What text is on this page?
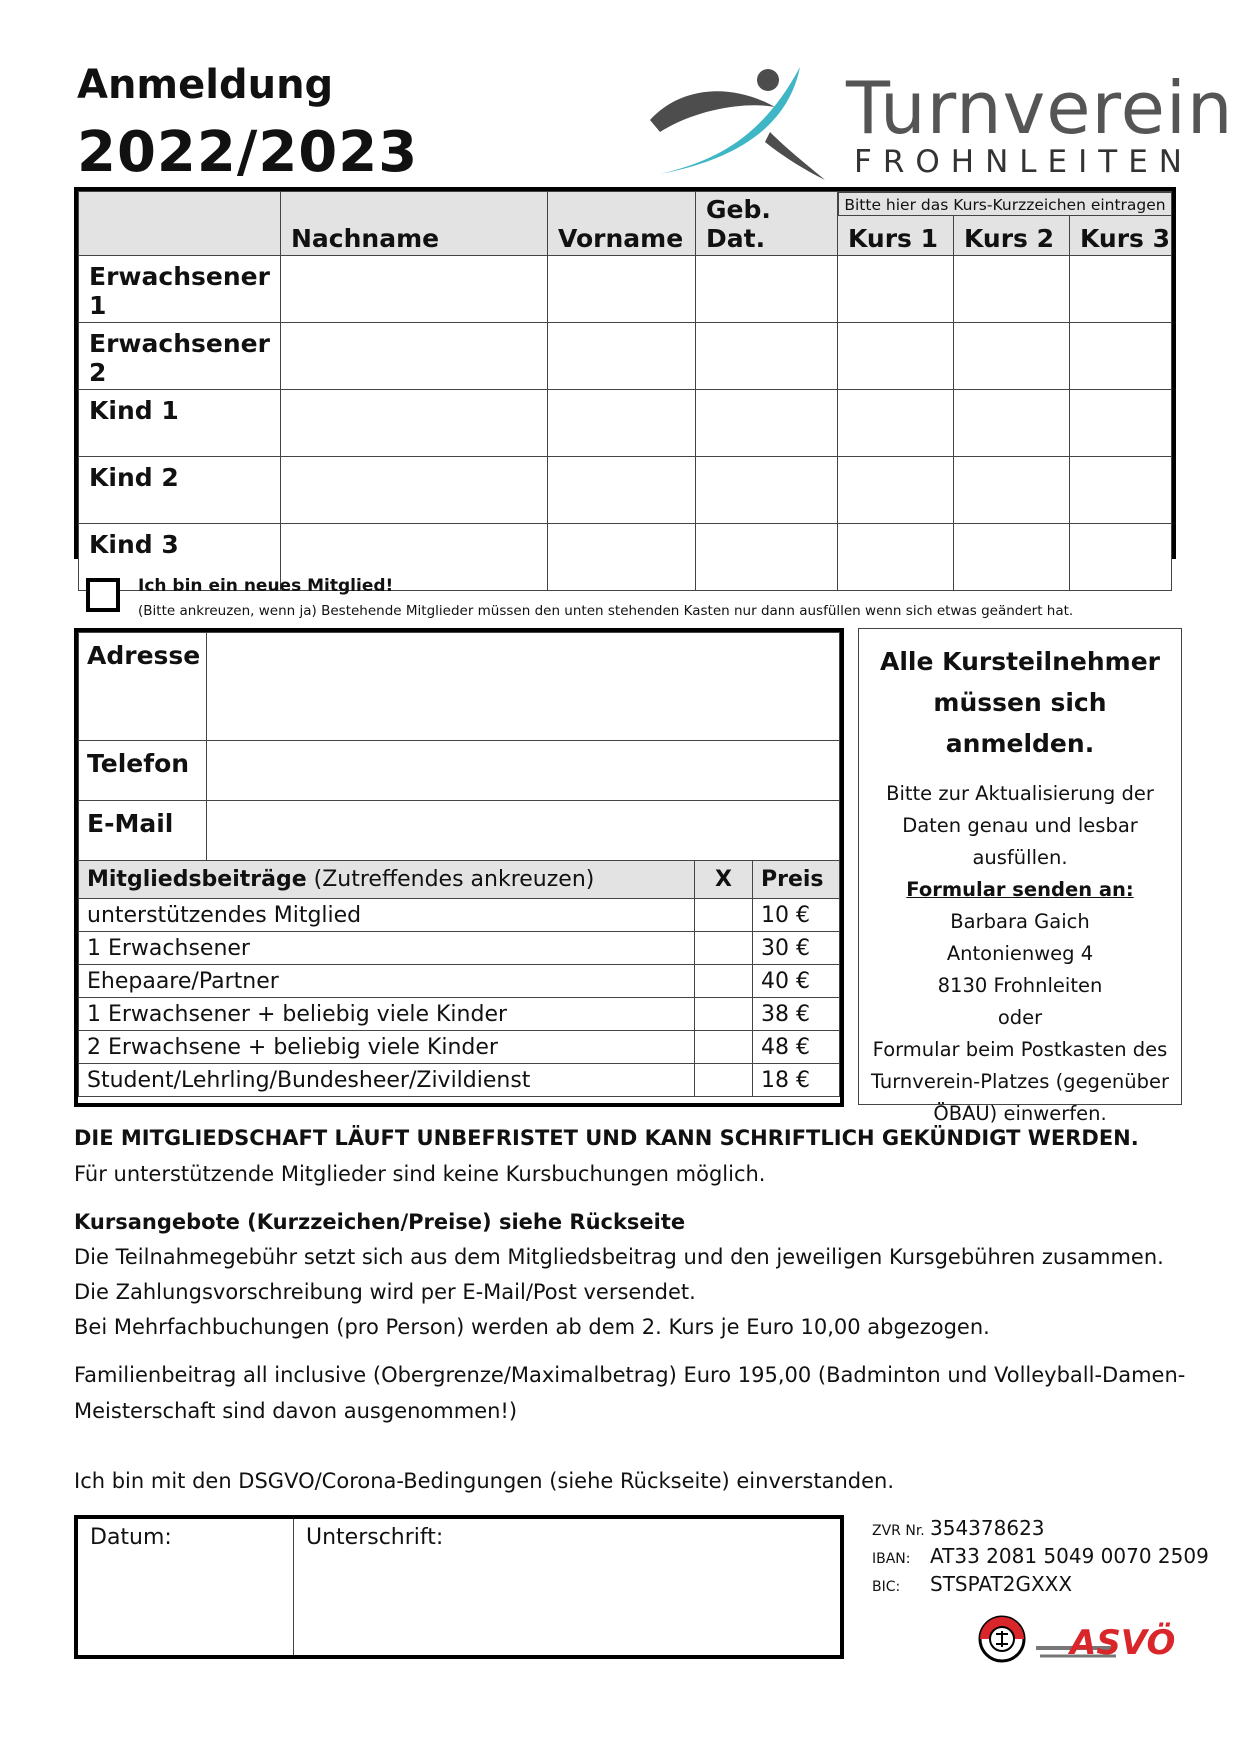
Anmeldung
2022/2023
Turnverein
FROHNLEITEN
	Nachname	Vorname	Geb. Dat.	Kurs 1	Kurs 2	Kurs 3
Erwachsener 1						
Erwachsener 2						
Kind 1						
Kind 2						
Kind 3						
Bitte hier das Kurs-Kurzzeichen eintragen
Ich bin ein neues Mitglied!
(Bitte ankreuzen, wenn ja) Bestehende Mitglieder müssen den unten stehenden Kasten nur dann ausfüllen wenn sich etwas geändert hat.
Adresse			
Telefon			
E-Mail			
Mitgliedsbeiträge (Zutreffendes ankreuzen)		X	Preis
unterstützendes Mitglied			10 €
1 Erwachsener			30 €
Ehepaare/Partner			40 €
1 Erwachsener + beliebig viele Kinder			38 €
2 Erwachsene + beliebig viele Kinder			48 €
Student/Lehrling/Bundesheer/Zivildienst			18 €
Alle Kursteilnehmer
müssen sich anmelden.
Bitte zur Aktualisierung der
Daten genau und lesbar
ausfüllen.
Formular senden an:
Barbara Gaich
Antonienweg 4
8130 Frohnleiten
oder
Formular beim Postkasten des
Turnverein-Platzes (gegenüber
ÖBAU) einwerfen.
DIE MITGLIEDSCHAFT LÄUFT UNBEFRISTET UND KANN SCHRIFTLICH GEKÜNDIGT WERDEN.
Für unterstützende Mitglieder sind keine Kursbuchungen möglich.
Kursangebote (Kurzzeichen/Preise) siehe Rückseite
Die Teilnahmegebühr setzt sich aus dem Mitgliedsbeitrag und den jeweiligen Kursgebühren zusammen.
Die Zahlungsvorschreibung wird per E-Mail/Post versendet.
Bei Mehrfachbuchungen (pro Person) werden ab dem 2. Kurs je Euro 10,00 abgezogen.
Familienbeitrag all inclusive (Obergrenze/Maximalbetrag) Euro 195,00 (Badminton und Volleyball-Damen-
Meisterschaft sind davon ausgenommen!)
Ich bin mit den DSGVO/Corona-Bedingungen (siehe Rückseite) einverstanden.
Datum:	Unterschrift:	ZVR Nr. 354378623
IBAN: AT33 2081 5049 0070 2509
BIC: STSPAT2GXXX
ASVÖ
